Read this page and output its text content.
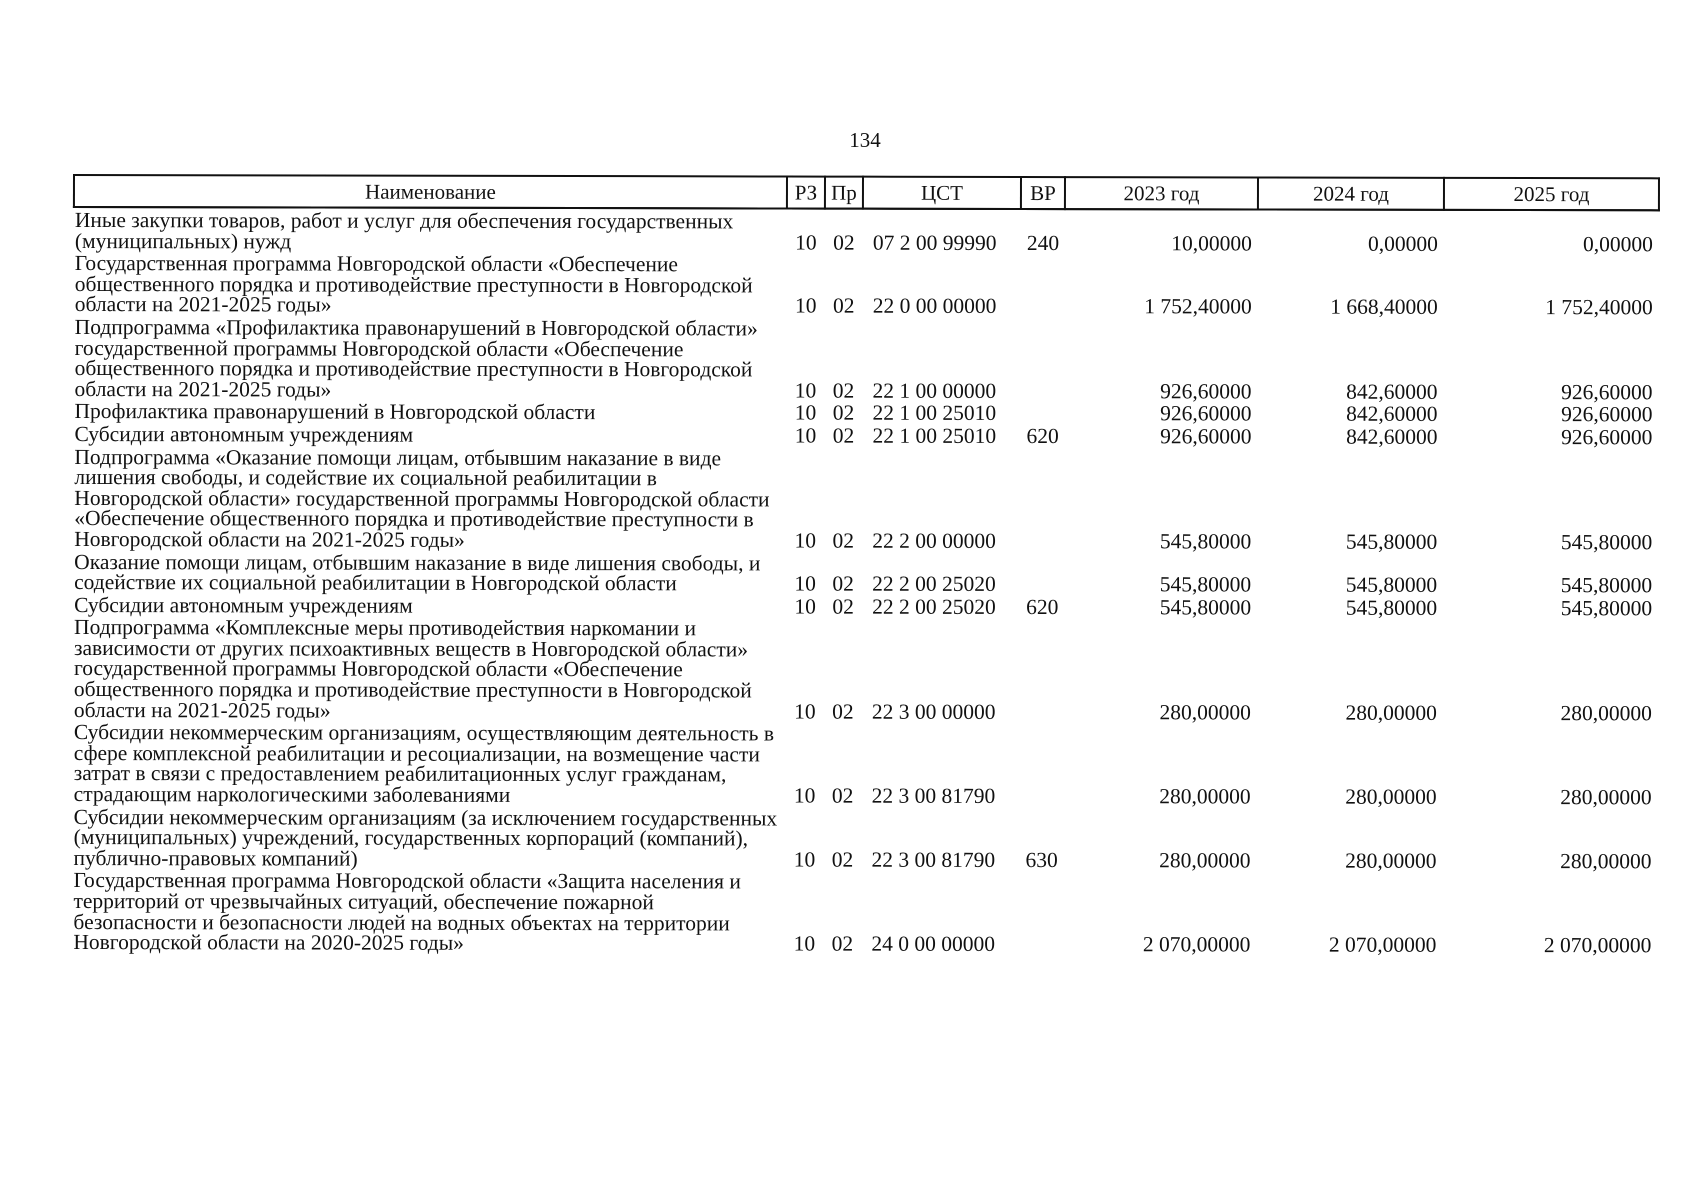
134
Наименование	РЗ	Пр	ЦСТ	ВР	2023 год	2024 год	2025 год
Иные закупки товаров, работ и услуг для обеспечения государственных (муниципальных) нужд	10	02	07 2 00 99990	240	10,00000	0,00000	0,00000
Государственная программа Новгородской области «Обеспечение общественного порядка и противодействие преступности в Новгородской области на 2021-2025 годы»	10	02	22 0 00 00000		1 752,40000	1 668,40000	1 752,40000
Подпрограмма «Профилактика правонарушений в Новгородской области» государственной программы Новгородской области «Обеспечение общественного порядка и противодействие преступности в Новгородской области на 2021-2025 годы»	10	02	22 1 00 00000		926,60000	842,60000	926,60000
Профилактика правонарушений в Новгородской области	10	02	22 1 00 25010		926,60000	842,60000	926,60000
Субсидии автономным учреждениям	10	02	22 1 00 25010	620	926,60000	842,60000	926,60000
Подпрограмма «Оказание помощи лицам, отбывшим наказание в виде лишения свободы, и содействие их социальной реабилитации в Новгородской области» государственной программы Новгородской области «Обеспечение общественного порядка и противодействие преступности в Новгородской области на 2021-2025 годы»	10	02	22 2 00 00000		545,80000	545,80000	545,80000
Оказание помощи лицам, отбывшим наказание в виде лишения свободы, и содействие их социальной реабилитации в Новгородской области	10	02	22 2 00 25020		545,80000	545,80000	545,80000
Субсидии автономным учреждениям	10	02	22 2 00 25020	620	545,80000	545,80000	545,80000
Подпрограмма «Комплексные меры противодействия наркомании и зависимости от других психоактивных веществ в Новгородской области» государственной программы Новгородской области «Обеспечение общественного порядка и противодействие преступности в Новгородской области на 2021-2025 годы»	10	02	22 3 00 00000		280,00000	280,00000	280,00000
Субсидии некоммерческим организациям, осуществляющим деятельность в сфере комплексной реабилитации и ресоциализации, на возмещение части затрат в связи с предоставлением реабилитационных услуг гражданам, страдающим наркологическими заболеваниями	10	02	22 3 00 81790		280,00000	280,00000	280,00000
Субсидии некоммерческим организациям (за исключением государственных (муниципальных) учреждений, государственных корпораций (компаний), публично-правовых компаний)	10	02	22 3 00 81790	630	280,00000	280,00000	280,00000
Государственная программа Новгородской области «Защита населения и территорий от чрезвычайных ситуаций, обеспечение пожарной безопасности и безопасности людей на водных объектах на территории Новгородской области на 2020-2025 годы»	10	02	24 0 00 00000		2 070,00000	2 070,00000	2 070,00000
